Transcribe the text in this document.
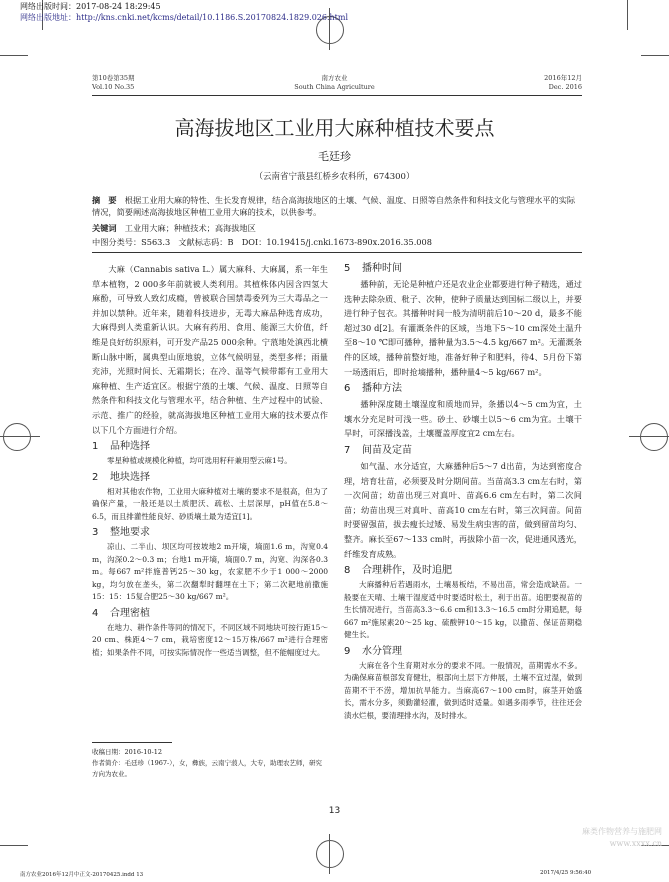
网络出版时间：2017-08-24 18:29:45
网络出版地址：http://kns.cnki.net/kcms/detail/10.1186.S.20170824.1829.026.html
第10卷第35期
Vol.10 No.35
南方农业
South China Agriculture
2016年12月
Dec. 2016
高海拔地区工业用大麻种植技术要点
毛廷珍
（云南省宁蒗县红桥乡农科所，674300）
摘　要　 根据工业用大麻的特性、生长发育规律，结合高海拔地区的土壤、气候、温度、日照等自然条件和科技文化与管理水平的实际情况，简要阐述高海拔地区种植工业用大麻的技术，以供参考。
关键词　 工业用大麻；种植技术；高海拔地区
中图分类号：S563.3　文献标志码：B　DOI：10.19415/j.cnki.1673-890x.2016.35.008

大麻（Cannabis sativa L.）属大麻科、大麻属，系一年生草本植物，2 000多年前就被人类利用。其植株体内因含四氢大麻酚，可导致人致幻成瘾，曾被联合国禁毒委列为三大毒品之一并加以禁种。近年来，随着科技进步，无毒大麻品种选育成功，大麻得到人类重新认识。大麻有药用、食用、能源三大价值，纤维是良好纺织原料，可开发产品25 000余种。宁蒗地处滇西北横断山脉中断，属典型山原地貌，立体气候明显，类型多样；雨量充沛，光照时间长、无霜期长；在冷、温等气候带都有工业用大麻种植、生产适宜区。根据宁蒗的土壤、气候、温度、日照等自然条件和科技文化与管理水平，结合种植、生产过程中的试验、示范、推广的经验，就高海拔地区种植工业用大麻的技术要点作以下几个方面进行介绍。

1 品种选择

零星种植或规模化种植，均可选用籽秆兼用型云麻1号。

2 地块选择

相对其他农作物，工业用大麻种植对土壤的要求不是很高，但为了确保产量，一般还是以土质肥沃、疏松、土层深厚，pH值在5.8～6.5，而且排灌性能良好、砂质壤土最为适宜[1]。

3 整地要求

凉山、二半山、坝区均可按坡地2 m开墒，墒面1.6 m，沟宽0.4 m，沟深0.2～0.3 m；台地1 m开墒，墒面0.7 m，沟宽、沟深各0.3 m。每667 m²拌施普钙25～30 kg，农家肥不少于1 000～2000 kg，均匀放在垄头，第二次翻犁时翻埋在土下；第二次耙地前撒施15：15：15复合肥25～30 kg/667 m²。

4 合理密植

在地力、耕作条件等同的情况下，不同区域不同地块可按行距15～20 cm、株距4～7 cm，栽培密度12～15万株/667 m²进行合理密植；如果条件不同，可按实际情况作一些适当调整，但不能幅度过大。

收稿日期：2016-10-12
作者简介：毛廷珍（1967-），女，彝族，云南宁蒗人，大专，助理农艺师，研究方向为农业。
5 播种时间

播种前，无论是种植户还是农业企业都要进行种子精选，通过选种去除杂质、秕子、次种，使种子质量达到国标二级以上，并要进行种子包衣。其播种时间一般为清明前后10～20 d，最多不能超过30 d[2]。有灌溉条件的区域，当地下5～10 cm深处土温升至8～10 ℃即可播种，播种量为3.5～4.5 kg/667 m²。无灌溉条件的区域，播种前整好地，准备好种子和肥料，待4、5月份下第一场透雨后，即时抢墒播种，播种量4～5 kg/667 m²。

6 播种方法

播种深度随土壤湿度和质地而异，条播以4～5 cm为宜，土壤水分充足时可浅一些。砂土、砂壤土以5～6 cm为宜。土壤干旱时，可深播浅盖，土壤覆盖厚度宜2 cm左右。

7 间苗及定苗

如气温、水分适宜，大麻播种后5～7 d出苗，为达到密度合理，培育壮苗，必须要及时分期间苗。当苗高3.3 cm左右时，第一次间苗；幼苗出现三对真叶、苗高6.6 cm左右时，第二次间苗；幼苗出现三对真叶、苗高10 cm左右时，第三次间苗。间苗时要留强苗，拔去瘦长过矮、易发生病虫害的苗，做到留苗均匀、整齐。麻长至67～133 cm时，再拔除小苗一次，促进通风透光，纤维发育成熟。

8 合理耕作，及时追肥

大麻播种后若遇雨水，土壤易板结，不易出苗，常会造成缺苗。一般要在天晴、土壤干湿度适中时要适时松土，利于出苗。追肥要视苗的生长情况进行，当苗高3.3～6.6 cm和13.3～16.5 cm时分期追肥，每667 m²施尿素20～25 kg、硫酸钾10～15 kg，以撒苗、保证苗期稳健生长。

9 水分管理

大麻在各个生育期对水分的要求不同。一般情况，苗期需水不多。为确保麻苗根部发育健壮，根部向土层下方伸展，土壤不宜过湿，做到苗期不干不涝，增加抗旱能力。当麻高67～100 cm时，麻茎开始盛长，需水分多，须勤灌轻灌，做到适时适量。如遇多雨季节，往往还会渍水烂根，要清理排水沟，及时排水。

13
麻类作物营养与施肥网
www.xxxx.cn
南方农业2016年12月中正文-20170425.indd 13	2017/4/25 9:56:40
